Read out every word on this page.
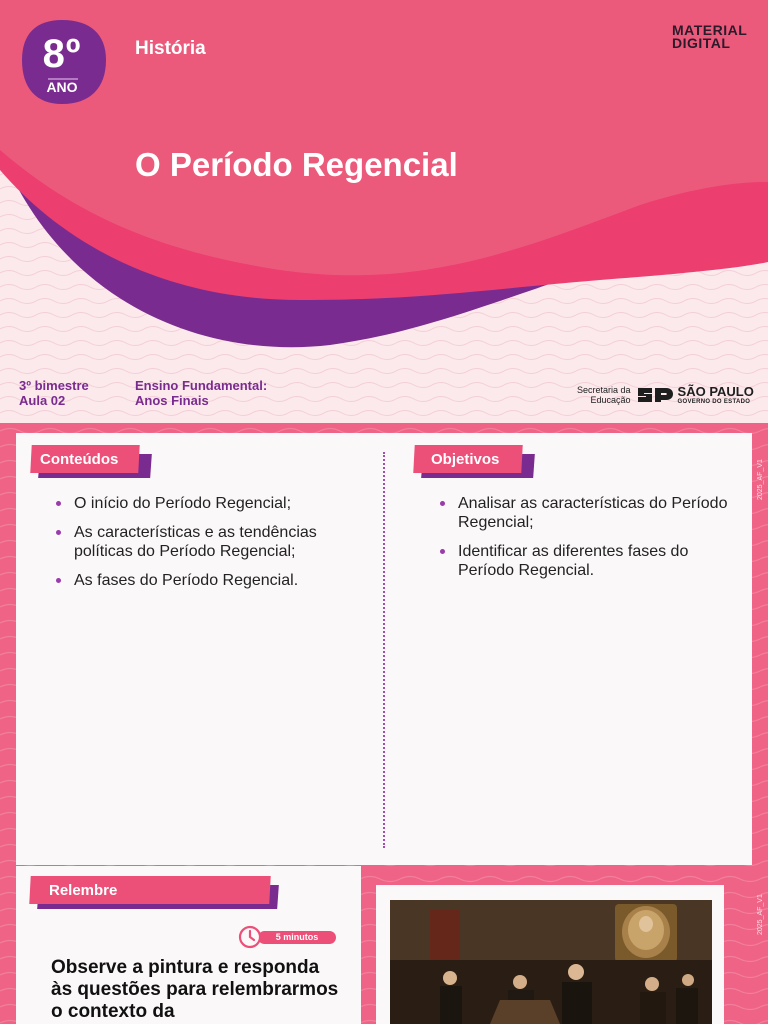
8º
ANO
História
O Período Regencial
MATERIAL
DIGITAL
3º bimestre
Aula 02
Ensino Fundamental:
Anos Finais
Secretaria da
Educação
SÃO PAULO
GOVERNO DO ESTADO
2025_AF_V1
2025_AF_V1
Conteúdos
O início do Período Regencial;
As características e as tendências políticas do Período Regencial;
As fases do Período Regencial.
Objetivos
Analisar as características do Período Regencial;
Identificar as diferentes fases do Período Regencial.
Relembre
5 minutos
Observe a pintura e responda às questões para relembrarmos o contexto da
